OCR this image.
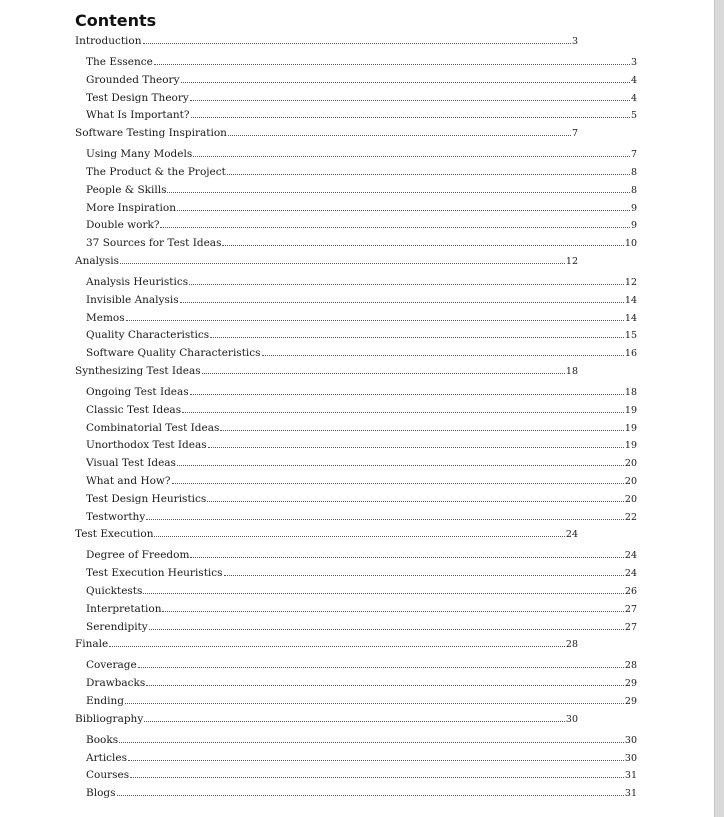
Contents
Introduction	3
The Essence	3
Grounded Theory	4
Test Design Theory	4
What Is Important?	5
Software Testing Inspiration	7
Using Many Models	7
The Product & the Project	8
People & Skills	8
More Inspiration	9
Double work?	9
37 Sources for Test Ideas	10
Analysis	12
Analysis Heuristics	12
Invisible Analysis	14
Memos	14
Quality Characteristics	15
Software Quality Characteristics	16
Synthesizing Test Ideas	18
Ongoing Test Ideas	18
Classic Test Ideas	19
Combinatorial Test Ideas	19
Unorthodox Test Ideas	19
Visual Test Ideas	20
What and How?	20
Test Design Heuristics	20
Testworthy	22
Test Execution	24
Degree of Freedom	24
Test Execution Heuristics	24
Quicktests	26
Interpretation	27
Serendipity	27
Finale	28
Coverage	28
Drawbacks	29
Ending	29
Bibliography	30
Books	30
Articles	30
Courses	31
Blogs	31
